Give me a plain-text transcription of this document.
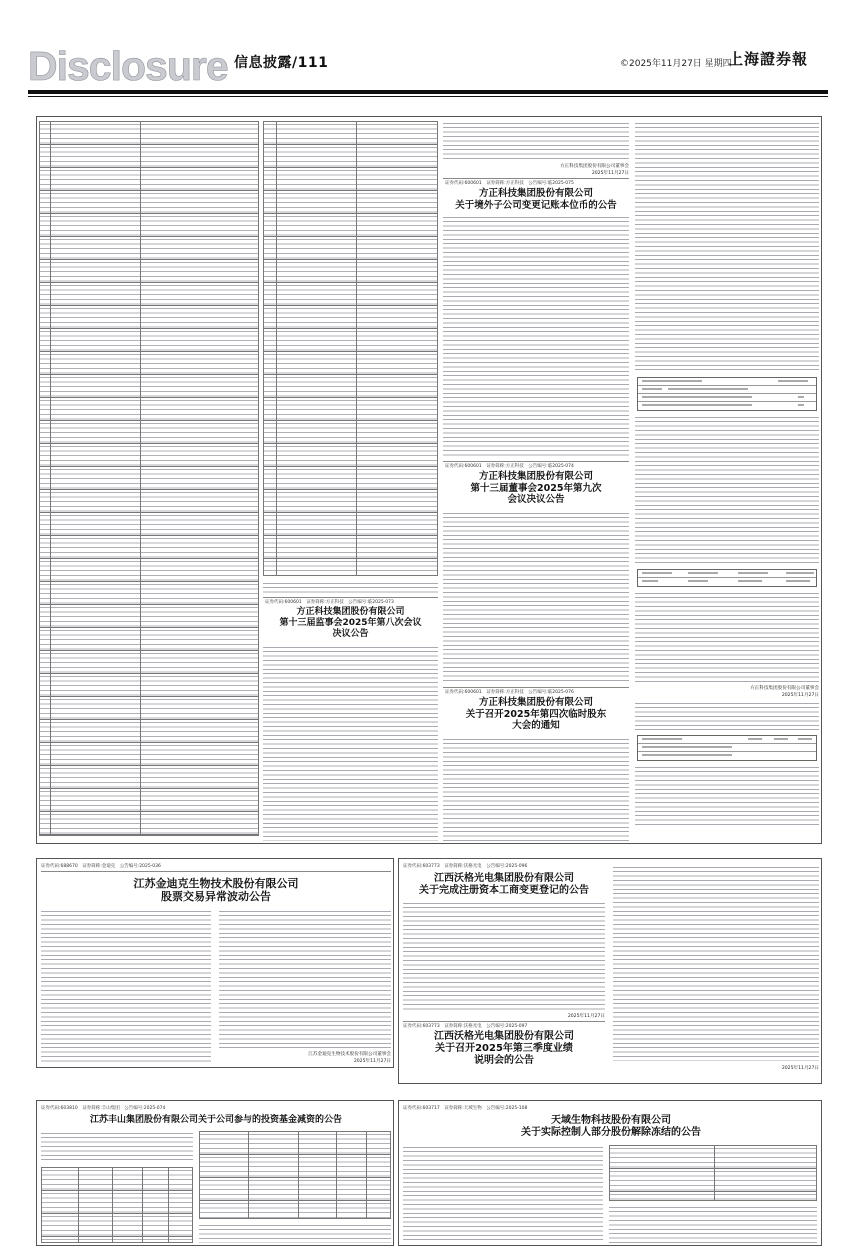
Disclosure 信息披露/111	©2025年11月27日 星期四
上海證券報
证券代码:600601　证券简称:方正科技　公告编号:临2025-073
方正科技集团股份有限公司
第十三届监事会2025年第八次会议
决议公告
方正科技集团股份有限公司董事会
2025年11月27日
证券代码:600601　证券简称:方正科技　公告编号:临2025-075
方正科技集团股份有限公司
关于境外子公司变更记账本位币的公告
证券代码:600601　证券简称:方正科技　公告编号:临2025-074
方正科技集团股份有限公司
第十三届董事会2025年第九次
会议决议公告
证券代码:600601　证券简称:方正科技　公告编号:临2025-076
方正科技集团股份有限公司
关于召开2025年第四次临时股东
大会的通知
方正科技集团股份有限公司董事会
2025年11月27日
证券代码:688670　证券简称:金迪克　公告编号:2025-036
江苏金迪克生物技术股份有限公司
股票交易异常波动公告
江苏金迪克生物技术股份有限公司董事会
2025年11月27日
证券代码:603773　证券简称:沃格光电　公告编号:2025-096
江西沃格光电集团股份有限公司
关于完成注册资本工商变更登记的公告
2025年11月27日
证券代码:603773　证券简称:沃格光电　公告编号:2025-097
江西沃格光电集团股份有限公司
关于召开2025年第三季度业绩
说明会的公告
2025年11月27日
证券代码:603810　证券简称:丰山集团　公告编号:2025-074
江苏丰山集团股份有限公司关于公司参与的投资基金减资的公告
证券代码:603717　证券简称:天域生物　公告编号:2025-108
天域生物科技股份有限公司
关于实际控制人部分股份解除冻结的公告
